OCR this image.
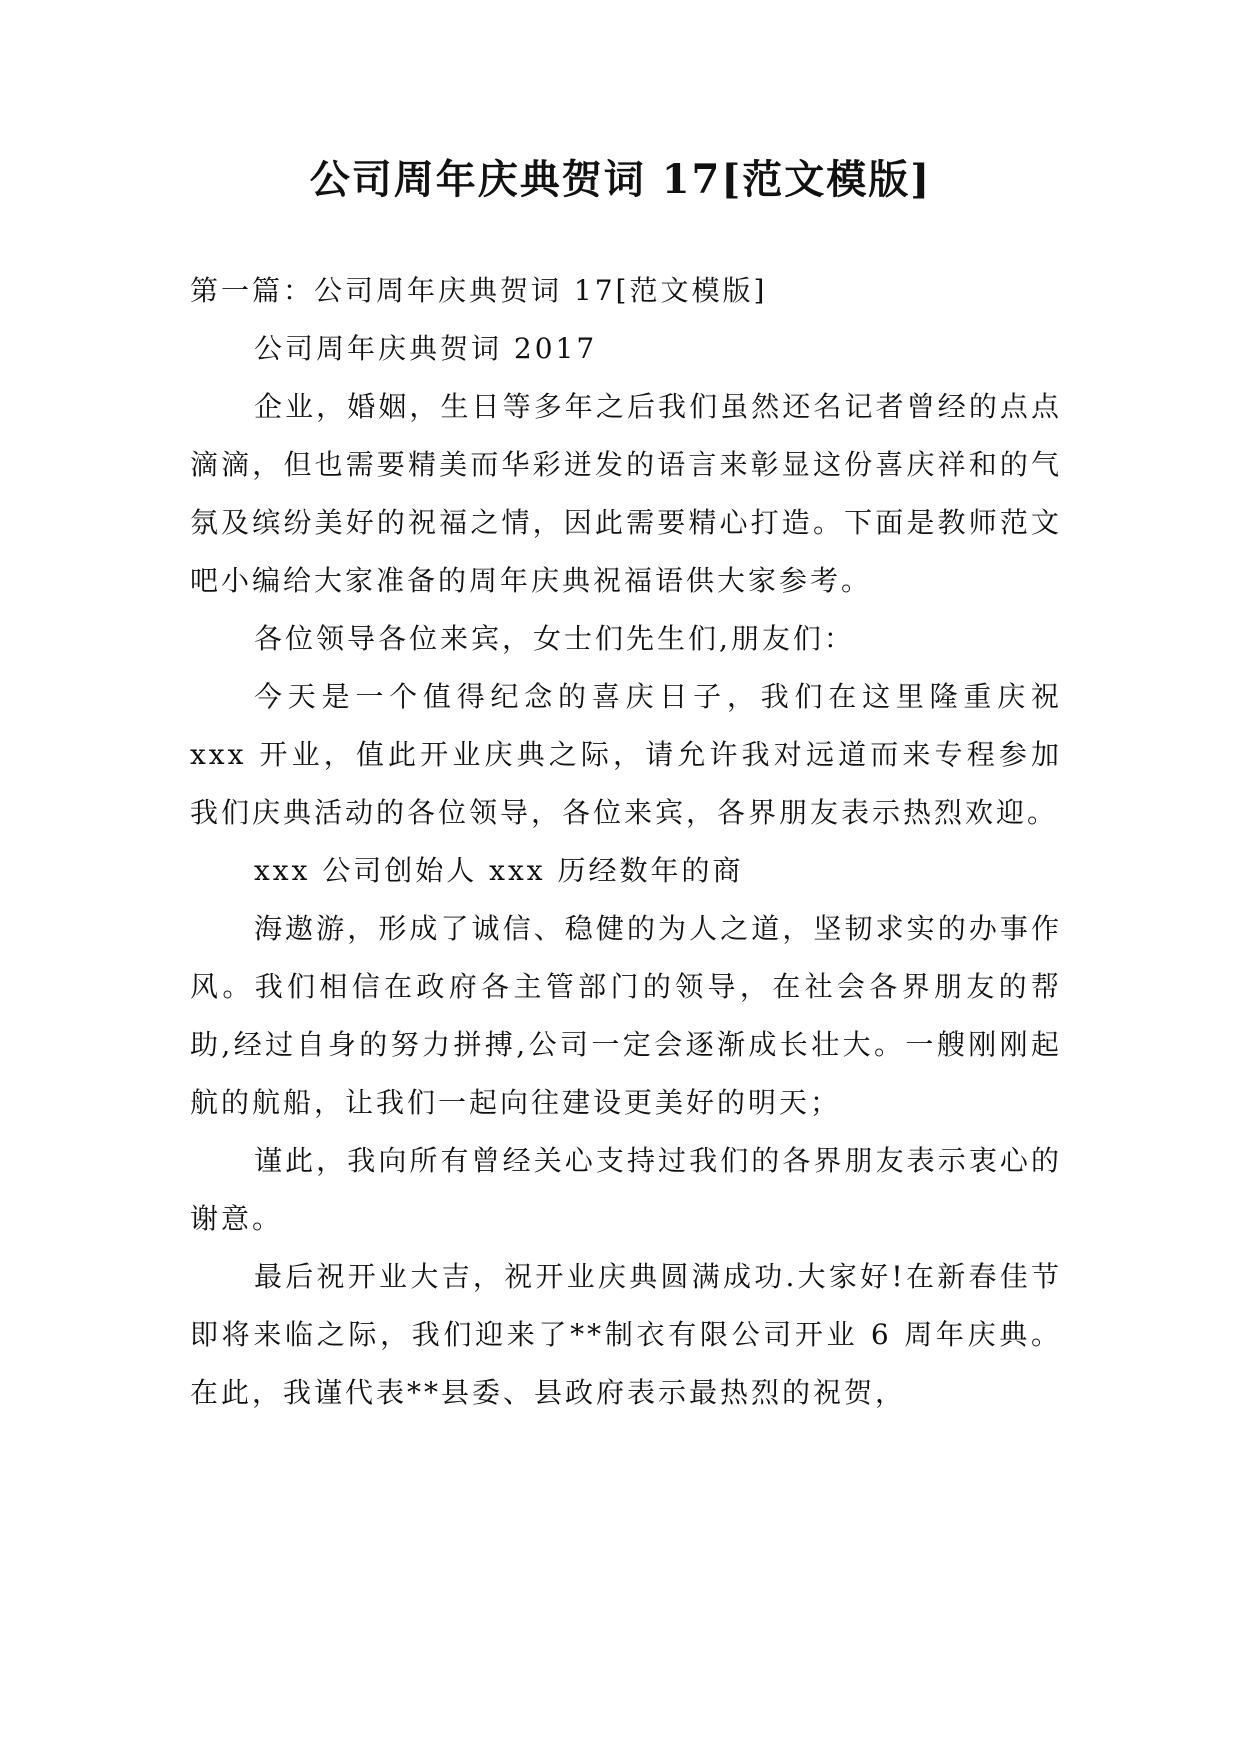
公司周年庆典贺词 17[范文模版]

第一篇：公司周年庆典贺词 17[范文模版]

公司周年庆典贺词 2017

企业，婚姻，生日等多年之后我们虽然还名记者曾经的点点滴滴，但也需要精美而华彩迸发的语言来彰显这份喜庆祥和的气氛及缤纷美好的祝福之情，因此需要精心打造。下面是教师范文吧小编给大家准备的周年庆典祝福语供大家参考。

各位领导各位来宾，女士们先生们,朋友们：

今天是一个值得纪念的喜庆日子，我们在这里隆重庆祝 xxx 开业，值此开业庆典之际，请允许我对远道而来专程参加我们庆典活动的各位领导，各位来宾，各界朋友表示热烈欢迎。

xxx 公司创始人 xxx 历经数年的商

海遨游，形成了诚信、稳健的为人之道，坚韧求实的办事作风。我们相信在政府各主管部门的领导，在社会各界朋友的帮助,经过自身的努力拼搏,公司一定会逐渐成长壮大。一艘刚刚起航的航船，让我们一起向往建设更美好的明天；

谨此，我向所有曾经关心支持过我们的各界朋友表示衷心的谢意。

最后祝开业大吉，祝开业庆典圆满成功.大家好!在新春佳节即将来临之际，我们迎来了**制衣有限公司开业 6 周年庆典。在此，我谨代表**县委、县政府表示最热烈的祝贺，
